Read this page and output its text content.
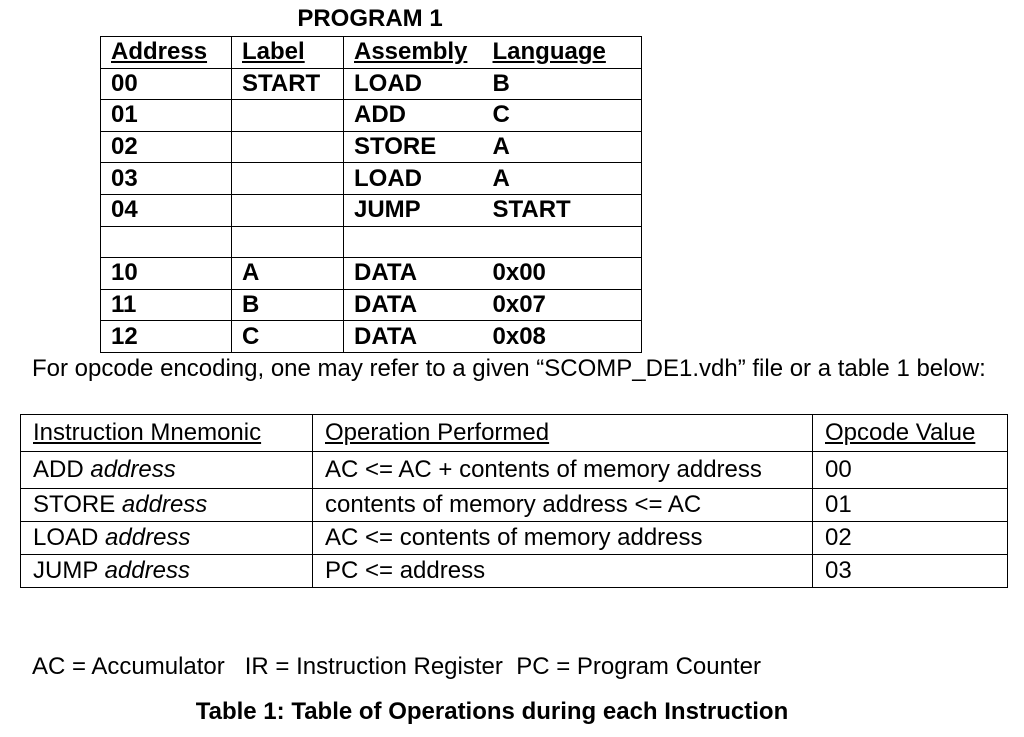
PROGRAM 1
Address	Label	Assembly	Language
00	START	LOAD	B
01		ADD	C
02		STORE	A
03		LOAD	A
04		JUMP	START

10	A	DATA	0x00
11	B	DATA	0x07
12	C	DATA	0x08
For opcode encoding, one may refer to a given “SCOMP_DE1.vdh” file or a table 1 below:
Instruction Mnemonic	Operation Performed	Opcode Value
ADD address	AC <= AC + contents of memory address	00
STORE address	contents of memory address <= AC	01
LOAD address	AC <= contents of memory address	02
JUMP address	PC <= address	03
AC = Accumulator   IR = Instruction Register  PC = Program Counter
Table 1: Table of Operations during each Instruction
